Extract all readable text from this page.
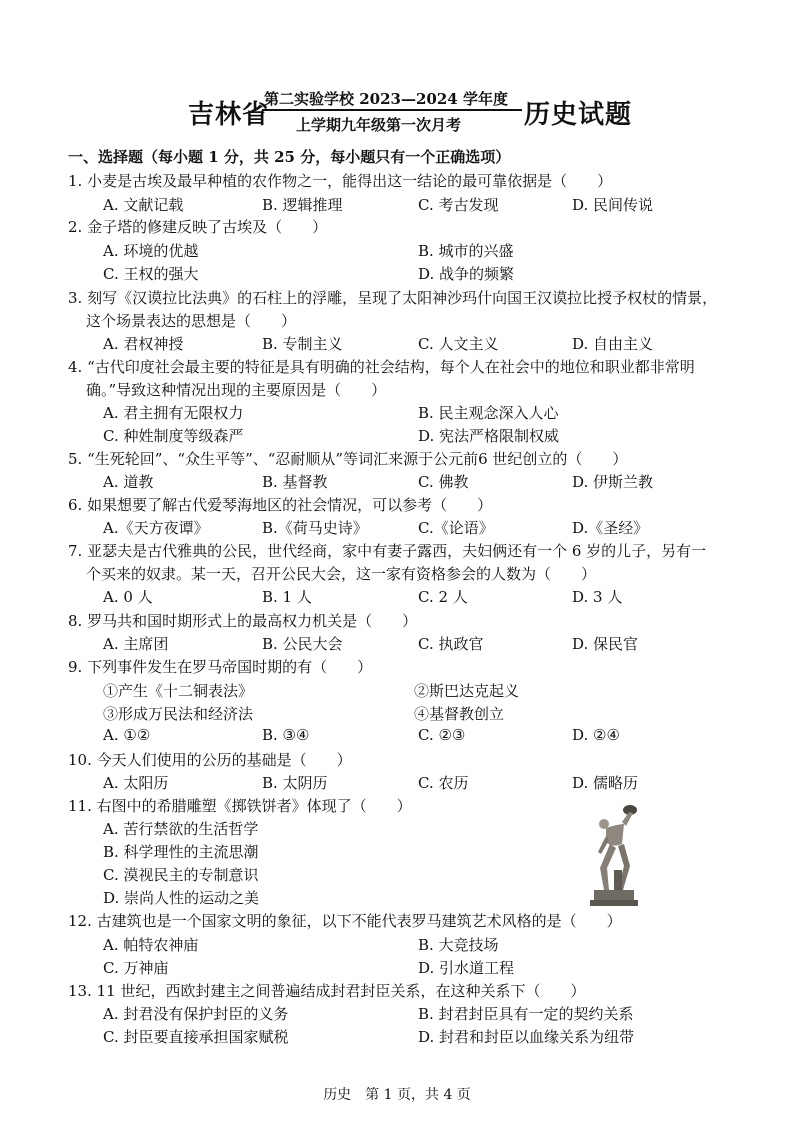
吉林省
第二实验学校 2023—2024 学年度
上学期九年级第一次月考 历史试题
一、选择题（每小题 1 分，共 25 分，每小题只有一个正确选项）
1. 小麦是古埃及最早种植的农作物之一，能得出这一结论的最可靠依据是（　　）
A. 文献记载	B. 逻辑推理	C. 考古发现	D. 民间传说
2. 金子塔的修建反映了古埃及（　　）
A. 环境的优越	B. 城市的兴盛
C. 王权的强大	D. 战争的频繁
3. 刻写《汉谟拉比法典》的石柱上的浮雕，呈现了太阳神沙玛什向国王汉谟拉比授予权杖的情景，
这个场景表达的思想是（　　）
A. 君权神授	B. 专制主义	C. 人文主义	D. 自由主义
4. “古代印度社会最主要的特征是具有明确的社会结构，每个人在社会中的地位和职业都非常明
确。”导致这种情况出现的主要原因是（　　）
A. 君主拥有无限权力	B. 民主观念深入人心
C. 种姓制度等级森严	D. 宪法严格限制权威
5. “生死轮回”、“众生平等”、“忍耐顺从”等词汇来源于公元前6 世纪创立的（　　）
A. 道教	B. 基督教	C. 佛教	D. 伊斯兰教
6. 如果想要了解古代爱琴海地区的社会情况，可以参考（　　）
A.《天方夜谭》	B.《荷马史诗》	C.《论语》	D.《圣经》
7. 亚瑟夫是古代雅典的公民，世代经商，家中有妻子露西，夫妇俩还有一个 6 岁的儿子，另有一
个买来的奴隶。某一天，召开公民大会，这一家有资格参会的人数为（　　）
A. 0 人	B. 1 人	C. 2 人	D. 3 人
8. 罗马共和国时期形式上的最高权力机关是（　　）
A. 主席团	B. 公民大会	C. 执政官	D. 保民官
9. 下列事件发生在罗马帝国时期的有（　　）
①产生《十二铜表法》	②斯巴达克起义
③形成万民法和经济法	④基督教创立
A. ①②	B. ③④	C. ②③	D. ②④
10. 今天人们使用的公历的基础是（　　）
A. 太阳历	B. 太阴历	C. 农历	D. 儒略历
11. 右图中的希腊雕塑《掷铁饼者》体现了（　　）
A. 苦行禁欲的生活哲学
B. 科学理性的主流思潮
C. 漠视民主的专制意识
D. 崇尚人性的运动之美
12. 古建筑也是一个国家文明的象征，以下不能代表罗马建筑艺术风格的是（　　）
A. 帕特农神庙	B. 大竞技场
C. 万神庙	D. 引水道工程
13. 11 世纪，西欧封建主之间普遍结成封君封臣关系，在这种关系下（　　）
A. 封君没有保护封臣的义务	B. 封君封臣具有一定的契约关系
C. 封臣要直接承担国家赋税	D. 封君和封臣以血缘关系为纽带
历史　第 1 页，共 4 页
